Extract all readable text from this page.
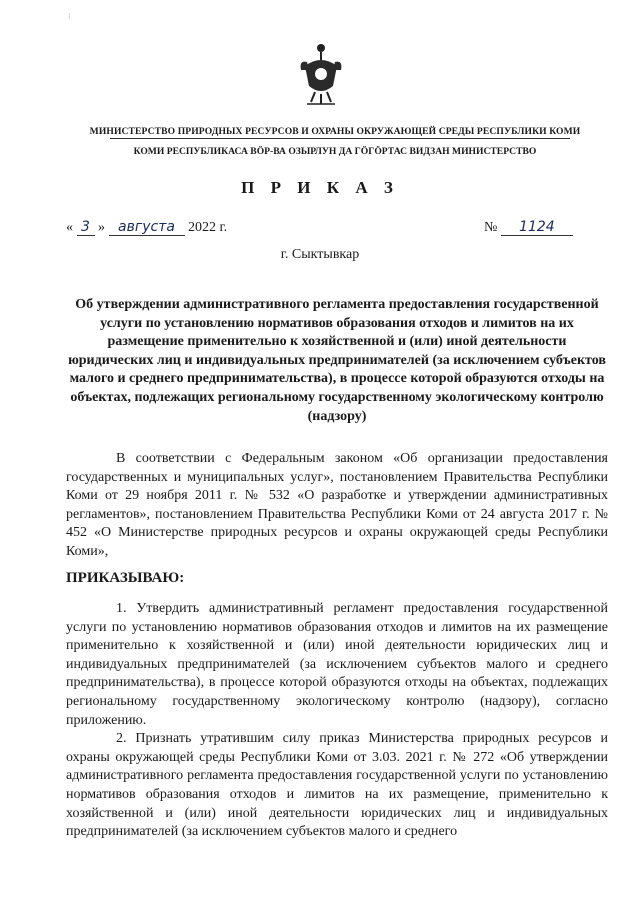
⁝
МИНИСТЕРСТВО ПРИРОДНЫХ РЕСУРСОВ И ОХРАНЫ ОКРУЖАЮЩЕЙ СРЕДЫ РЕСПУБЛИКИ КОМИ
КОМИ РЕСПУБЛИКАСА ВӦР-ВА ОЗЫРЛУН ДА ГӦГӦРТАС ВИДЗАН МИНИСТЕРСТВО
П Р И К А З
« 3 » августа 2022 г.	№ 1124
г. Сыктывкар
Об утверждении административного регламента предоставления государственной услуги по установлению нормативов образования отходов и лимитов на их размещение применительно к хозяйственной и (или) иной деятельности юридических лиц и индивидуальных предпринимателей (за исключением субъектов малого и среднего предпринимательства), в процессе которой образуются отходы на объектах, подлежащих региональному государственному экологическому контролю (надзору)
В соответствии с Федеральным законом «Об организации предоставления государственных и муниципальных услуг», постановлением Правительства Республики Коми от 29 ноября 2011 г. № 532 «О разработке и утверждении административных регламентов», постановлением Правительства Республики Коми от 24 августа 2017 г. № 452 «О Министерстве природных ресурсов и охраны окружающей среды Республики Коми»,
ПРИКАЗЫВАЮ:

1. Утвердить административный регламент предоставления государственной услуги по установлению нормативов образования отходов и лимитов на их размещение применительно к хозяйственной и (или) иной деятельности юридических лиц и индивидуальных предпринимателей (за исключением субъектов малого и среднего предпринимательства), в процессе которой образуются отходы на объектах, подлежащих региональному государственному экологическому контролю (надзору), согласно приложению.

2. Признать утратившим силу приказ Министерства природных ресурсов и охраны окружающей среды Республики Коми от 3.03. 2021 г. № 272 «Об утверждении административного регламента предоставления государственной услуги по установлению нормативов образования отходов и лимитов на их размещение, применительно к хозяйственной и (или) иной деятельности юридических лиц и индивидуальных предпринимателей (за исключением субъектов малого и среднего
